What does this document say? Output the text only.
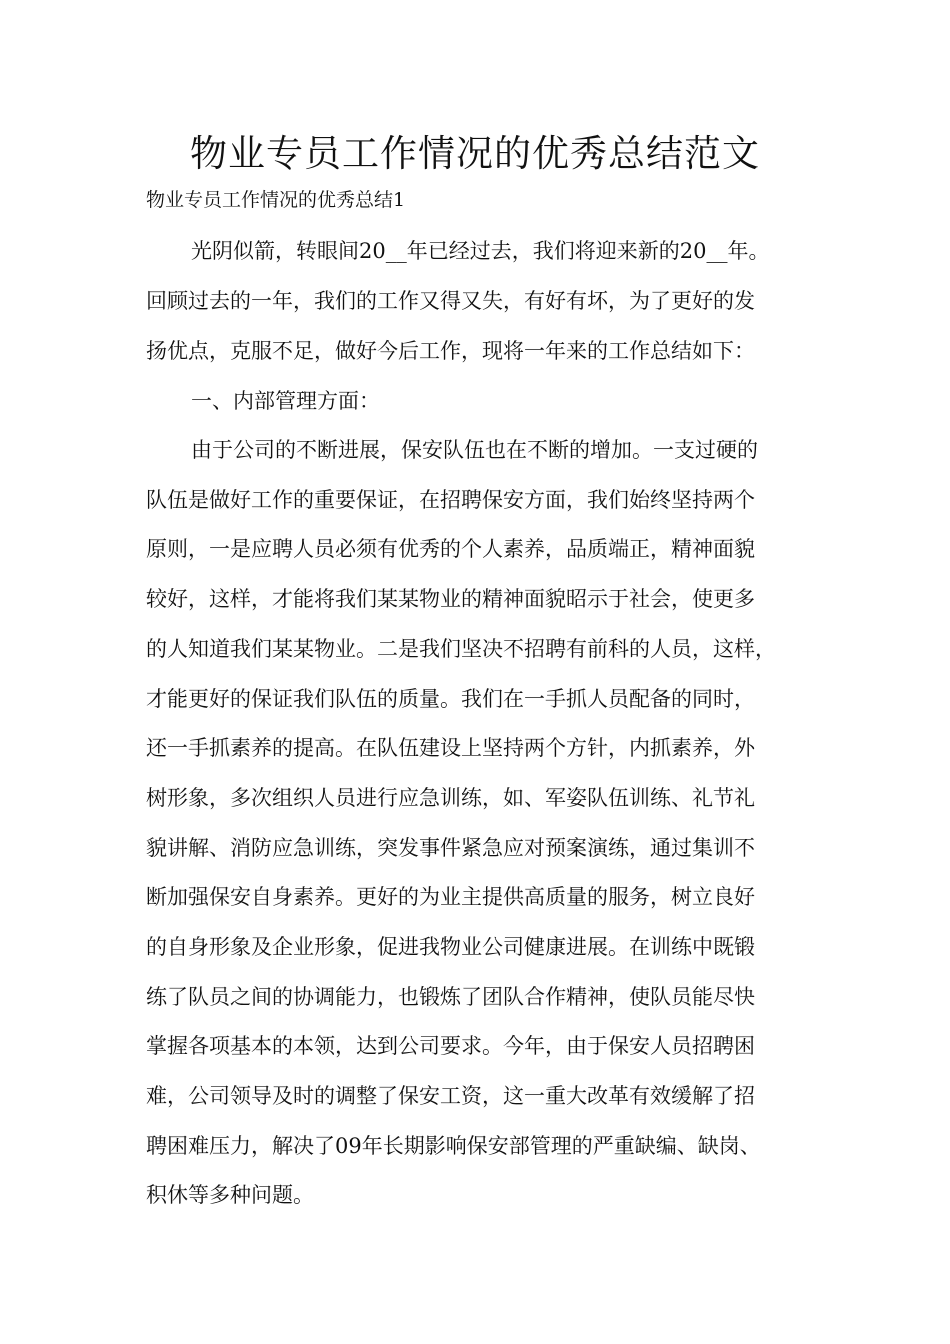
物业专员工作情况的优秀总结范文

物业专员工作情况的优秀总结1

光阴似箭，转眼间20__年已经过去，我们将迎来新的20__年。

回顾过去的一年，我们的工作又得又失，有好有坏，为了更好的发

扬优点，克服不足，做好今后工作，现将一年来的工作总结如下：

一、内部管理方面：

由于公司的不断进展，保安队伍也在不断的增加。一支过硬的

队伍是做好工作的重要保证，在招聘保安方面，我们始终坚持两个

原则，一是应聘人员必须有优秀的个人素养，品质端正，精神面貌

较好，这样，才能将我们某某物业的精神面貌昭示于社会，使更多

的人知道我们某某物业。二是我们坚决不招聘有前科的人员，这样，

才能更好的保证我们队伍的质量。我们在一手抓人员配备的同时，

还一手抓素养的提高。在队伍建设上坚持两个方针，内抓素养，外

树形象，多次组织人员进行应急训练，如、军姿队伍训练、礼节礼

貌讲解、消防应急训练，突发事件紧急应对预案演练，通过集训不

断加强保安自身素养。更好的为业主提供高质量的服务，树立良好

的自身形象及企业形象，促进我物业公司健康进展。在训练中既锻

练了队员之间的协调能力，也锻炼了团队合作精神，使队员能尽快

掌握各项基本的本领，达到公司要求。今年，由于保安人员招聘困

难，公司领导及时的调整了保安工资，这一重大改革有效缓解了招

聘困难压力，解决了09年长期影响保安部管理的严重缺编、缺岗、

积休等多种问题。
